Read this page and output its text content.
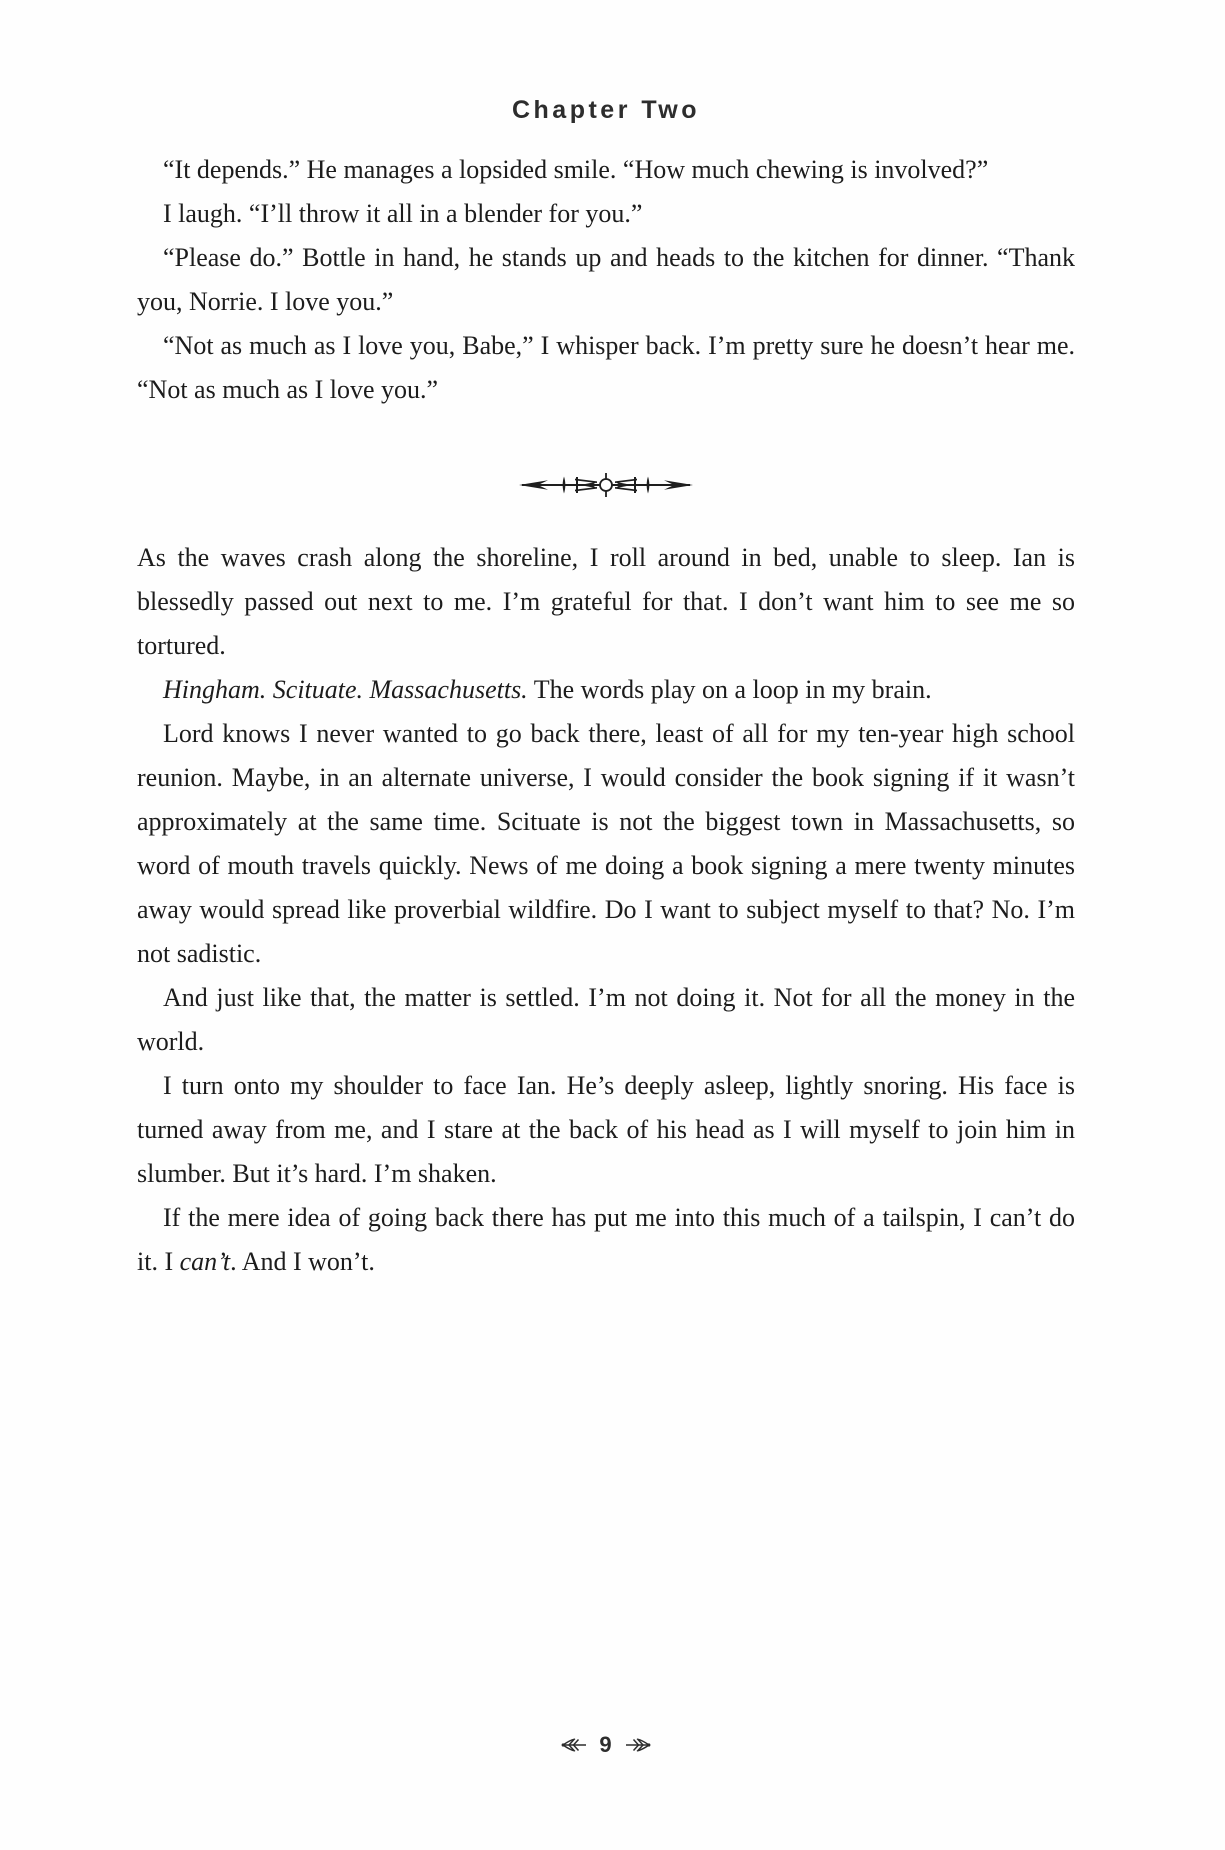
Chapter Two

“It depends.” He manages a lopsided smile. “How much chewing is involved?”

I laugh. “I’ll throw it all in a blender for you.”

“Please do.” Bottle in hand, he stands up and heads to the kitchen for dinner. “Thank you, Norrie. I love you.”

“Not as much as I love you, Babe,” I whisper back. I’m pretty sure he doesn’t hear me. “Not as much as I love you.”

As the waves crash along the shoreline, I roll around in bed, unable to sleep. Ian is blessedly passed out next to me. I’m grateful for that. I don’t want him to see me so tortured.

Hingham. Scituate. Massachusetts. The words play on a loop in my brain.

Lord knows I never wanted to go back there, least of all for my ten-year high school reunion. Maybe, in an alternate universe, I would consider the book signing if it wasn’t approximately at the same time. Scituate is not the biggest town in Massachusetts, so word of mouth travels quickly. News of me doing a book signing a mere twenty minutes away would spread like proverbial wildfire. Do I want to subject myself to that? No. I’m not sadistic.

And just like that, the matter is settled. I’m not doing it. Not for all the money in the world.

I turn onto my shoulder to face Ian. He’s deeply asleep, lightly snoring. His face is turned away from me, and I stare at the back of his head as I will myself to join him in slumber. But it’s hard. I’m shaken.

If the mere idea of going back there has put me into this much of a tailspin, I can’t do it. I can’t. And I won’t.

9
